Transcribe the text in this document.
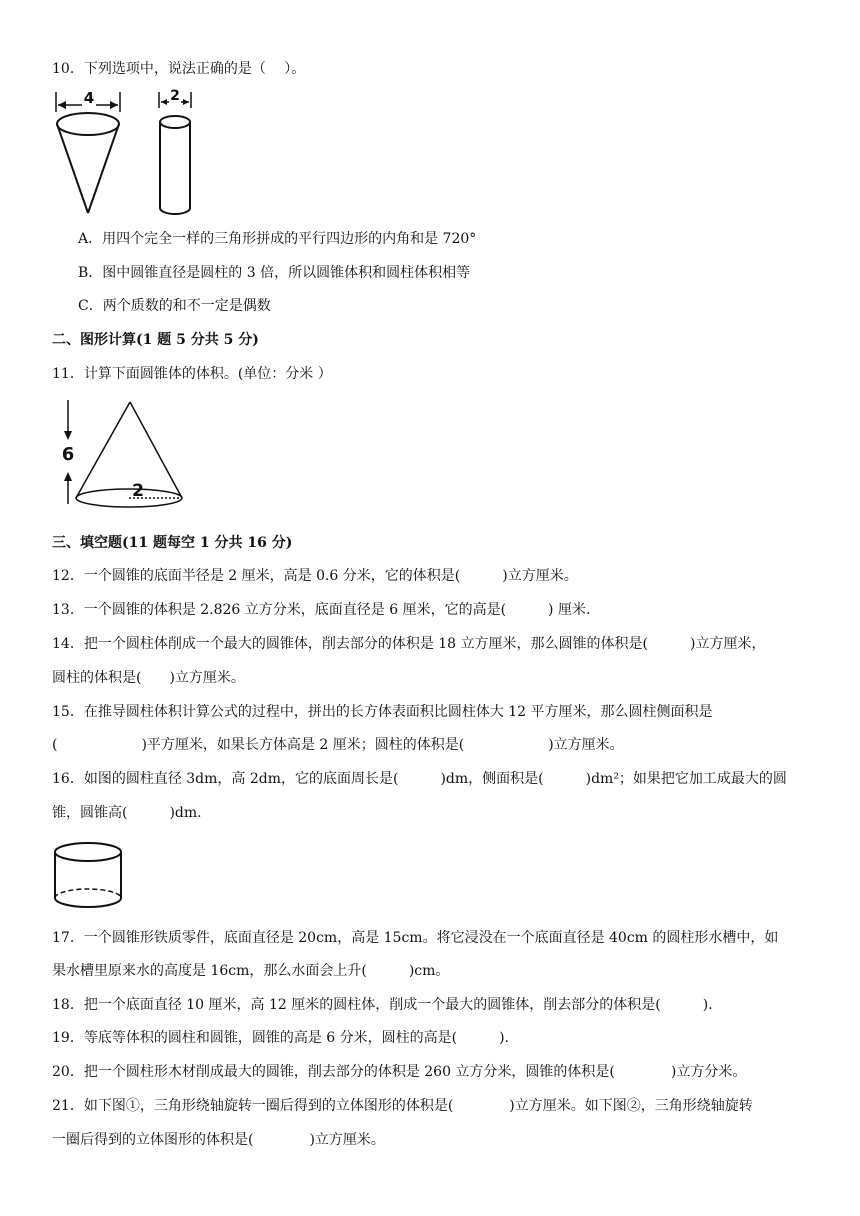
10．下列选项中，说法正确的是（　 ）。
4	2
A．用四个完全一样的三角形拼成的平行四边形的内角和是 720°
B．图中圆锥直径是圆柱的 3 倍，所以圆锥体积和圆柱体积相等
C．两个质数的和不一定是偶数
二、图形计算(1 题 5 分共 5 分)
11．计算下面圆锥体的体积。(单位：分米 ）
6
2
三、填空题(11 题每空 1 分共 16 分)
12．一个圆锥的底面半径是 2 厘米，高是 0.6 分米，它的体积是(　　　)立方厘米。
13．一个圆锥的体积是 2.826 立方分米，底面直径是 6 厘米，它的高是(　　　) 厘米.
14．把一个圆柱体削成一个最大的圆锥体，削去部分的体积是 18 立方厘米，那么圆锥的体积是(　　　)立方厘米，
圆柱的体积是(　　)立方厘米。
15．在推导圆柱体积计算公式的过程中，拼出的长方体表面积比圆柱体大 12 平方厘米，那么圆柱侧面积是
(　　　　　　)平方厘米，如果长方体高是 2 厘米；圆柱的体积是(　　　　　　)立方厘米。
16．如图的圆柱直径 3dm，高 2dm，它的底面周长是(　　　)dm，侧面积是(　　　)dm²；如果把它加工成最大的圆
锥，圆锥高(　　　)dm.
17．一个圆锥形铁质零件，底面直径是 20cm，高是 15cm。将它浸没在一个底面直径是 40cm 的圆柱形水槽中，如
果水槽里原来水的高度是 16cm，那么水面会上升(　　　)cm。
18．把一个底面直径 10 厘米，高 12 厘米的圆柱体，削成一个最大的圆锥体，削去部分的体积是(　　　).
19．等底等体积的圆柱和圆锥，圆锥的高是 6 分米，圆柱的高是(　　　).
20．把一个圆柱形木材削成最大的圆锥，削去部分的体积是 260 立方分米，圆锥的体积是(　　　　)立方分米。
21．如下图①，三角形绕轴旋转一圈后得到的立体图形的体积是(　　　　)立方厘米。如下图②，三角形绕轴旋转
一圈后得到的立体图形的体积是(　　　　)立方厘米。
